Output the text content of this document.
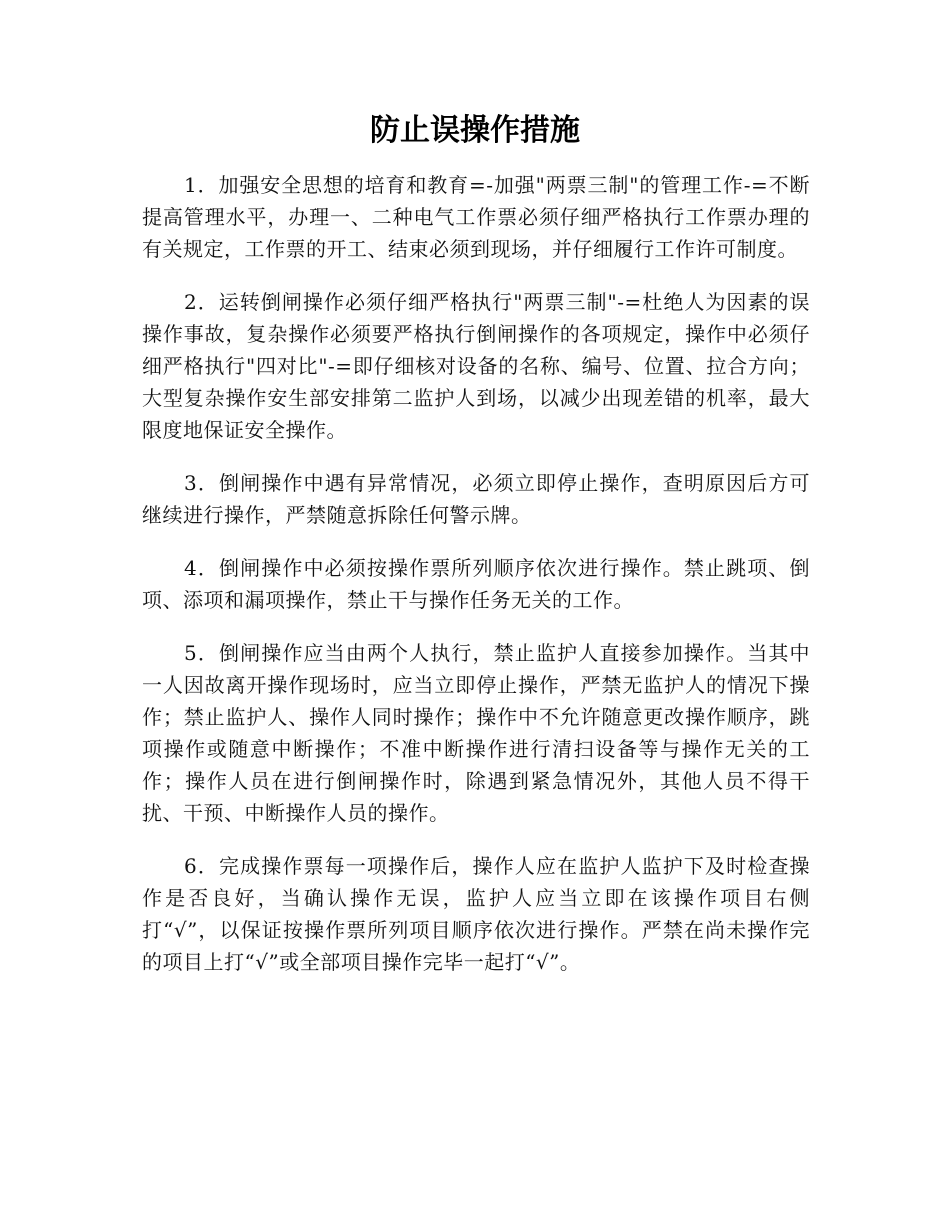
防止误操作措施

1．加强安全思想的培育和教育=-加强"两票三制"的管理工作-=不断提高管理水平，办理一、二种电气工作票必须仔细严格执行工作票办理的有关规定，工作票的开工、结束必须到现场，并仔细履行工作许可制度。

2．运转倒闸操作必须仔细严格执行"两票三制"-=杜绝人为因素的误操作事故，复杂操作必须要严格执行倒闸操作的各项规定，操作中必须仔细严格执行"四对比"-=即仔细核对设备的名称、编号、位置、拉合方向；大型复杂操作安生部安排第二监护人到场，以减少出现差错的机率，最大限度地保证安全操作。

3．倒闸操作中遇有异常情况，必须立即停止操作，查明原因后方可继续进行操作，严禁随意拆除任何警示牌。

4．倒闸操作中必须按操作票所列顺序依次进行操作。禁止跳项、倒项、添项和漏项操作，禁止干与操作任务无关的工作。

5．倒闸操作应当由两个人执行，禁止监护人直接参加操作。当其中一人因故离开操作现场时，应当立即停止操作，严禁无监护人的情况下操作；禁止监护人、操作人同时操作；操作中不允许随意更改操作顺序，跳项操作或随意中断操作；不准中断操作进行清扫设备等与操作无关的工作；操作人员在进行倒闸操作时，除遇到紧急情况外，其他人员不得干扰、干预、中断操作人员的操作。

6．完成操作票每一项操作后，操作人应在监护人监护下及时检查操作是否良好，当确认操作无误，监护人应当立即在该操作项目右侧打“√”，以保证按操作票所列项目顺序依次进行操作。严禁在尚未操作完的项目上打“√”或全部项目操作完毕一起打“√”。
